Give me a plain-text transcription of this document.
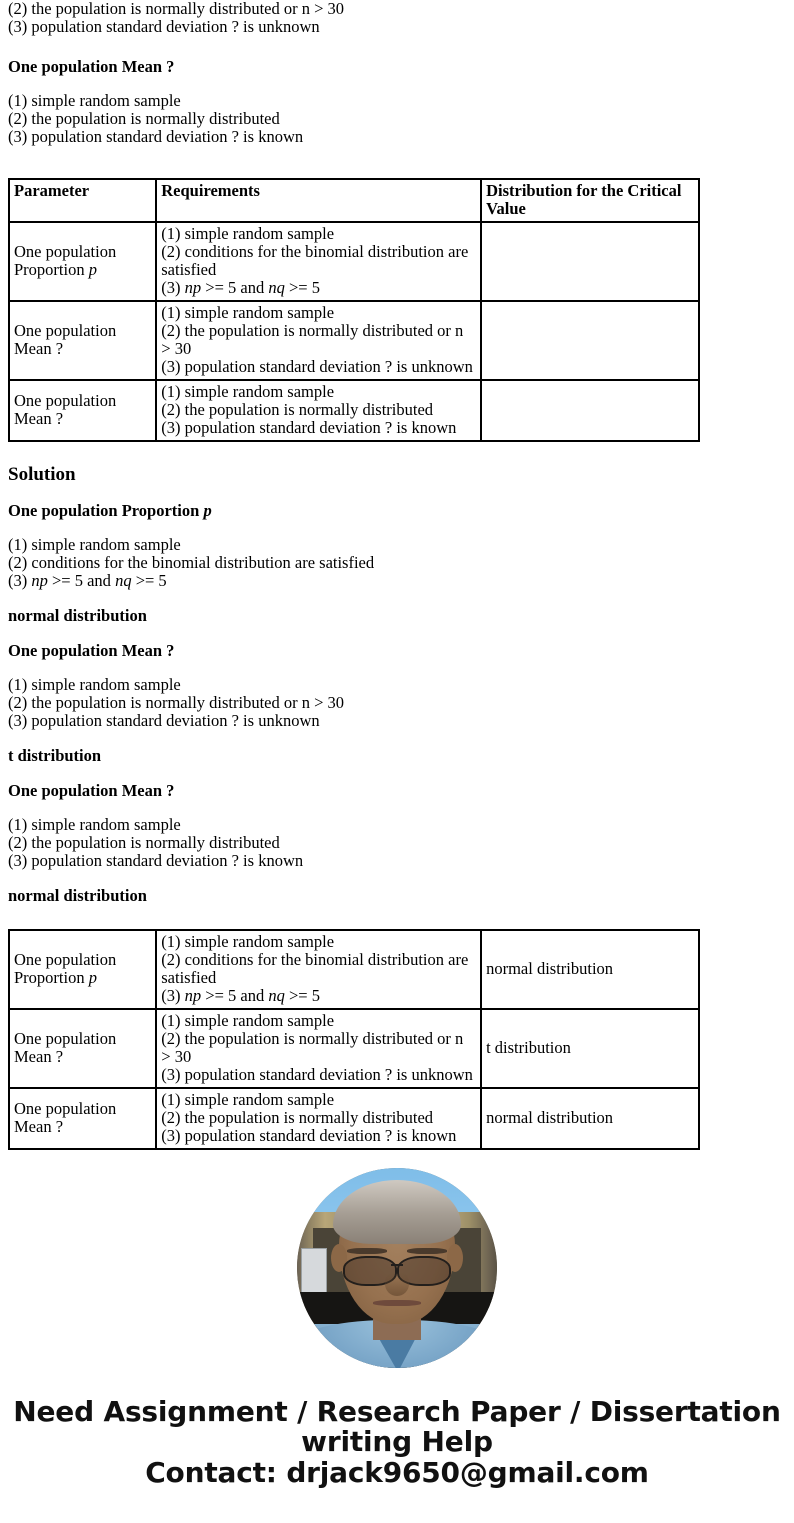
(2) the population is normally distributed or n > 30
(3) population standard deviation ? is unknown
One population Mean ?
(1) simple random sample
(2) the population is normally distributed
(3) population standard deviation ? is known
Parameter	Requirements	Distribution for the Critical Value
One population Proportion p	(1) simple random sample
(2) conditions for the binomial distribution are satisfied
(3) np >= 5 and nq >= 5	

One population Mean ?	(1) simple random sample
(2) the population is normally distributed or n > 30
(3) population standard deviation ? is unknown	

One population Mean ?	(1) simple random sample
(2) the population is normally distributed
(3) population standard deviation ? is known	

Solution
One population Proportion p
(1) simple random sample
(2) conditions for the binomial distribution are satisfied
(3) np >= 5 and nq >= 5
normal distribution
One population Mean ?
(1) simple random sample
(2) the population is normally distributed or n > 30
(3) population standard deviation ? is unknown
t distribution
One population Mean ?
(1) simple random sample
(2) the population is normally distributed
(3) population standard deviation ? is known
normal distribution
One population Proportion p	(1) simple random sample
(2) conditions for the binomial distribution are satisfied
(3) np >= 5 and nq >= 5	normal distribution
One population Mean ?	(1) simple random sample
(2) the population is normally distributed or n > 30
(3) population standard deviation ? is unknown	t distribution
One population Mean ?	(1) simple random sample
(2) the population is normally distributed
(3) population standard deviation ? is known	normal distribution
Need Assignment / Research Paper / Dissertation
writing Help
Contact: drjack9650@gmail.com
